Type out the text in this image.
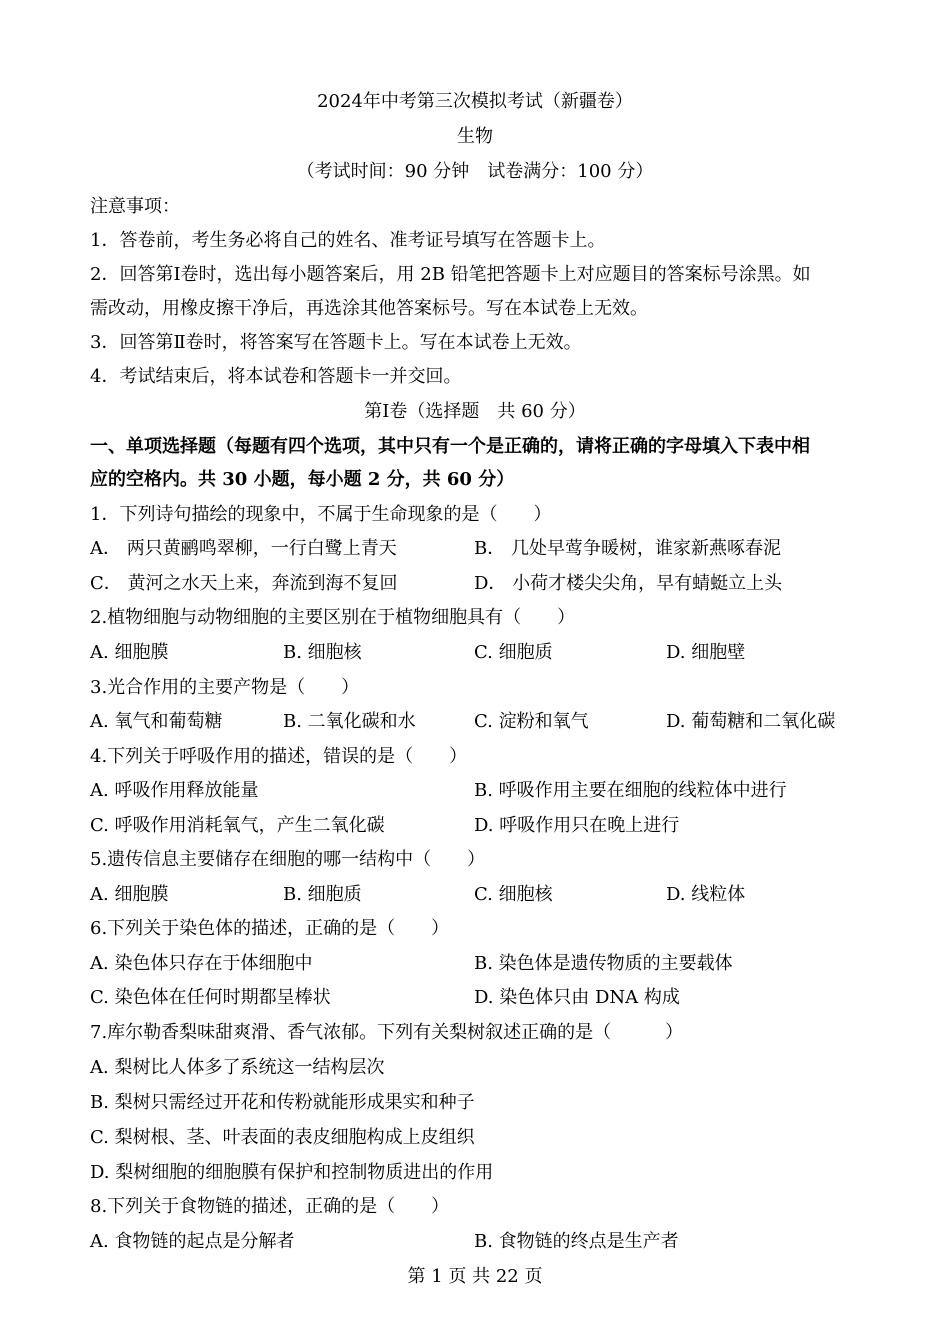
2024年中考第三次模拟考试（新疆卷）
生物
（考试时间：90 分钟　试卷满分：100 分）
注意事项：
1．答卷前，考生务必将自己的姓名、准考证号填写在答题卡上。
2．回答第Ⅰ卷时，选出每小题答案后，用 2B 铅笔把答题卡上对应题目的答案标号涂黑。如
需改动，用橡皮擦干净后，再选涂其他答案标号。写在本试卷上无效。
3．回答第Ⅱ卷时，将答案写在答题卡上。写在本试卷上无效。
4．考试结束后，将本试卷和答题卡一并交回。
第Ⅰ卷（选择题　共 60 分）
一、单项选择题（每题有四个选项，其中只有一个是正确的，请将正确的字母填入下表中相
应的空格内。共 30 小题，每小题 2 分，共 60 分）
1．下列诗句描绘的现象中，不属于生命现象的是（　　）
A． 两只黄鹂鸣翠柳，一行白鹭上青天	B． 几处早莺争暖树，谁家新燕啄春泥
C． 黄河之水天上来，奔流到海不复回	D． 小荷才楼尖尖角，早有蜻蜓立上头
2.植物细胞与动物细胞的主要区别在于植物细胞具有（　　）
A. 细胞膜	B. 细胞核	C. 细胞质	D. 细胞壁
3.光合作用的主要产物是（　　）
A. 氧气和葡萄糖	B. 二氧化碳和水	C. 淀粉和氧气	D. 葡萄糖和二氧化碳
4.下列关于呼吸作用的描述，错误的是（　　）
A. 呼吸作用释放能量	B. 呼吸作用主要在细胞的线粒体中进行
C. 呼吸作用消耗氧气，产生二氧化碳	D. 呼吸作用只在晚上进行
5.遗传信息主要储存在细胞的哪一结构中（　　）
A. 细胞膜	B. 细胞质	C. 细胞核	D. 线粒体
6.下列关于染色体的描述，正确的是（　　）
A. 染色体只存在于体细胞中	B. 染色体是遗传物质的主要载体
C. 染色体在任何时期都呈棒状	D. 染色体只由 DNA 构成
7.库尔勒香梨味甜爽滑、香气浓郁。下列有关梨树叙述正确的是（　　　）
A. 梨树比人体多了系统这一结构层次
B. 梨树只需经过开花和传粉就能形成果实和种子
C. 梨树根、茎、叶表面的表皮细胞构成上皮组织
D. 梨树细胞的细胞膜有保护和控制物质进出的作用
8.下列关于食物链的描述，正确的是（　　）
A. 食物链的起点是分解者	B. 食物链的终点是生产者
第 1 页 共 22 页
